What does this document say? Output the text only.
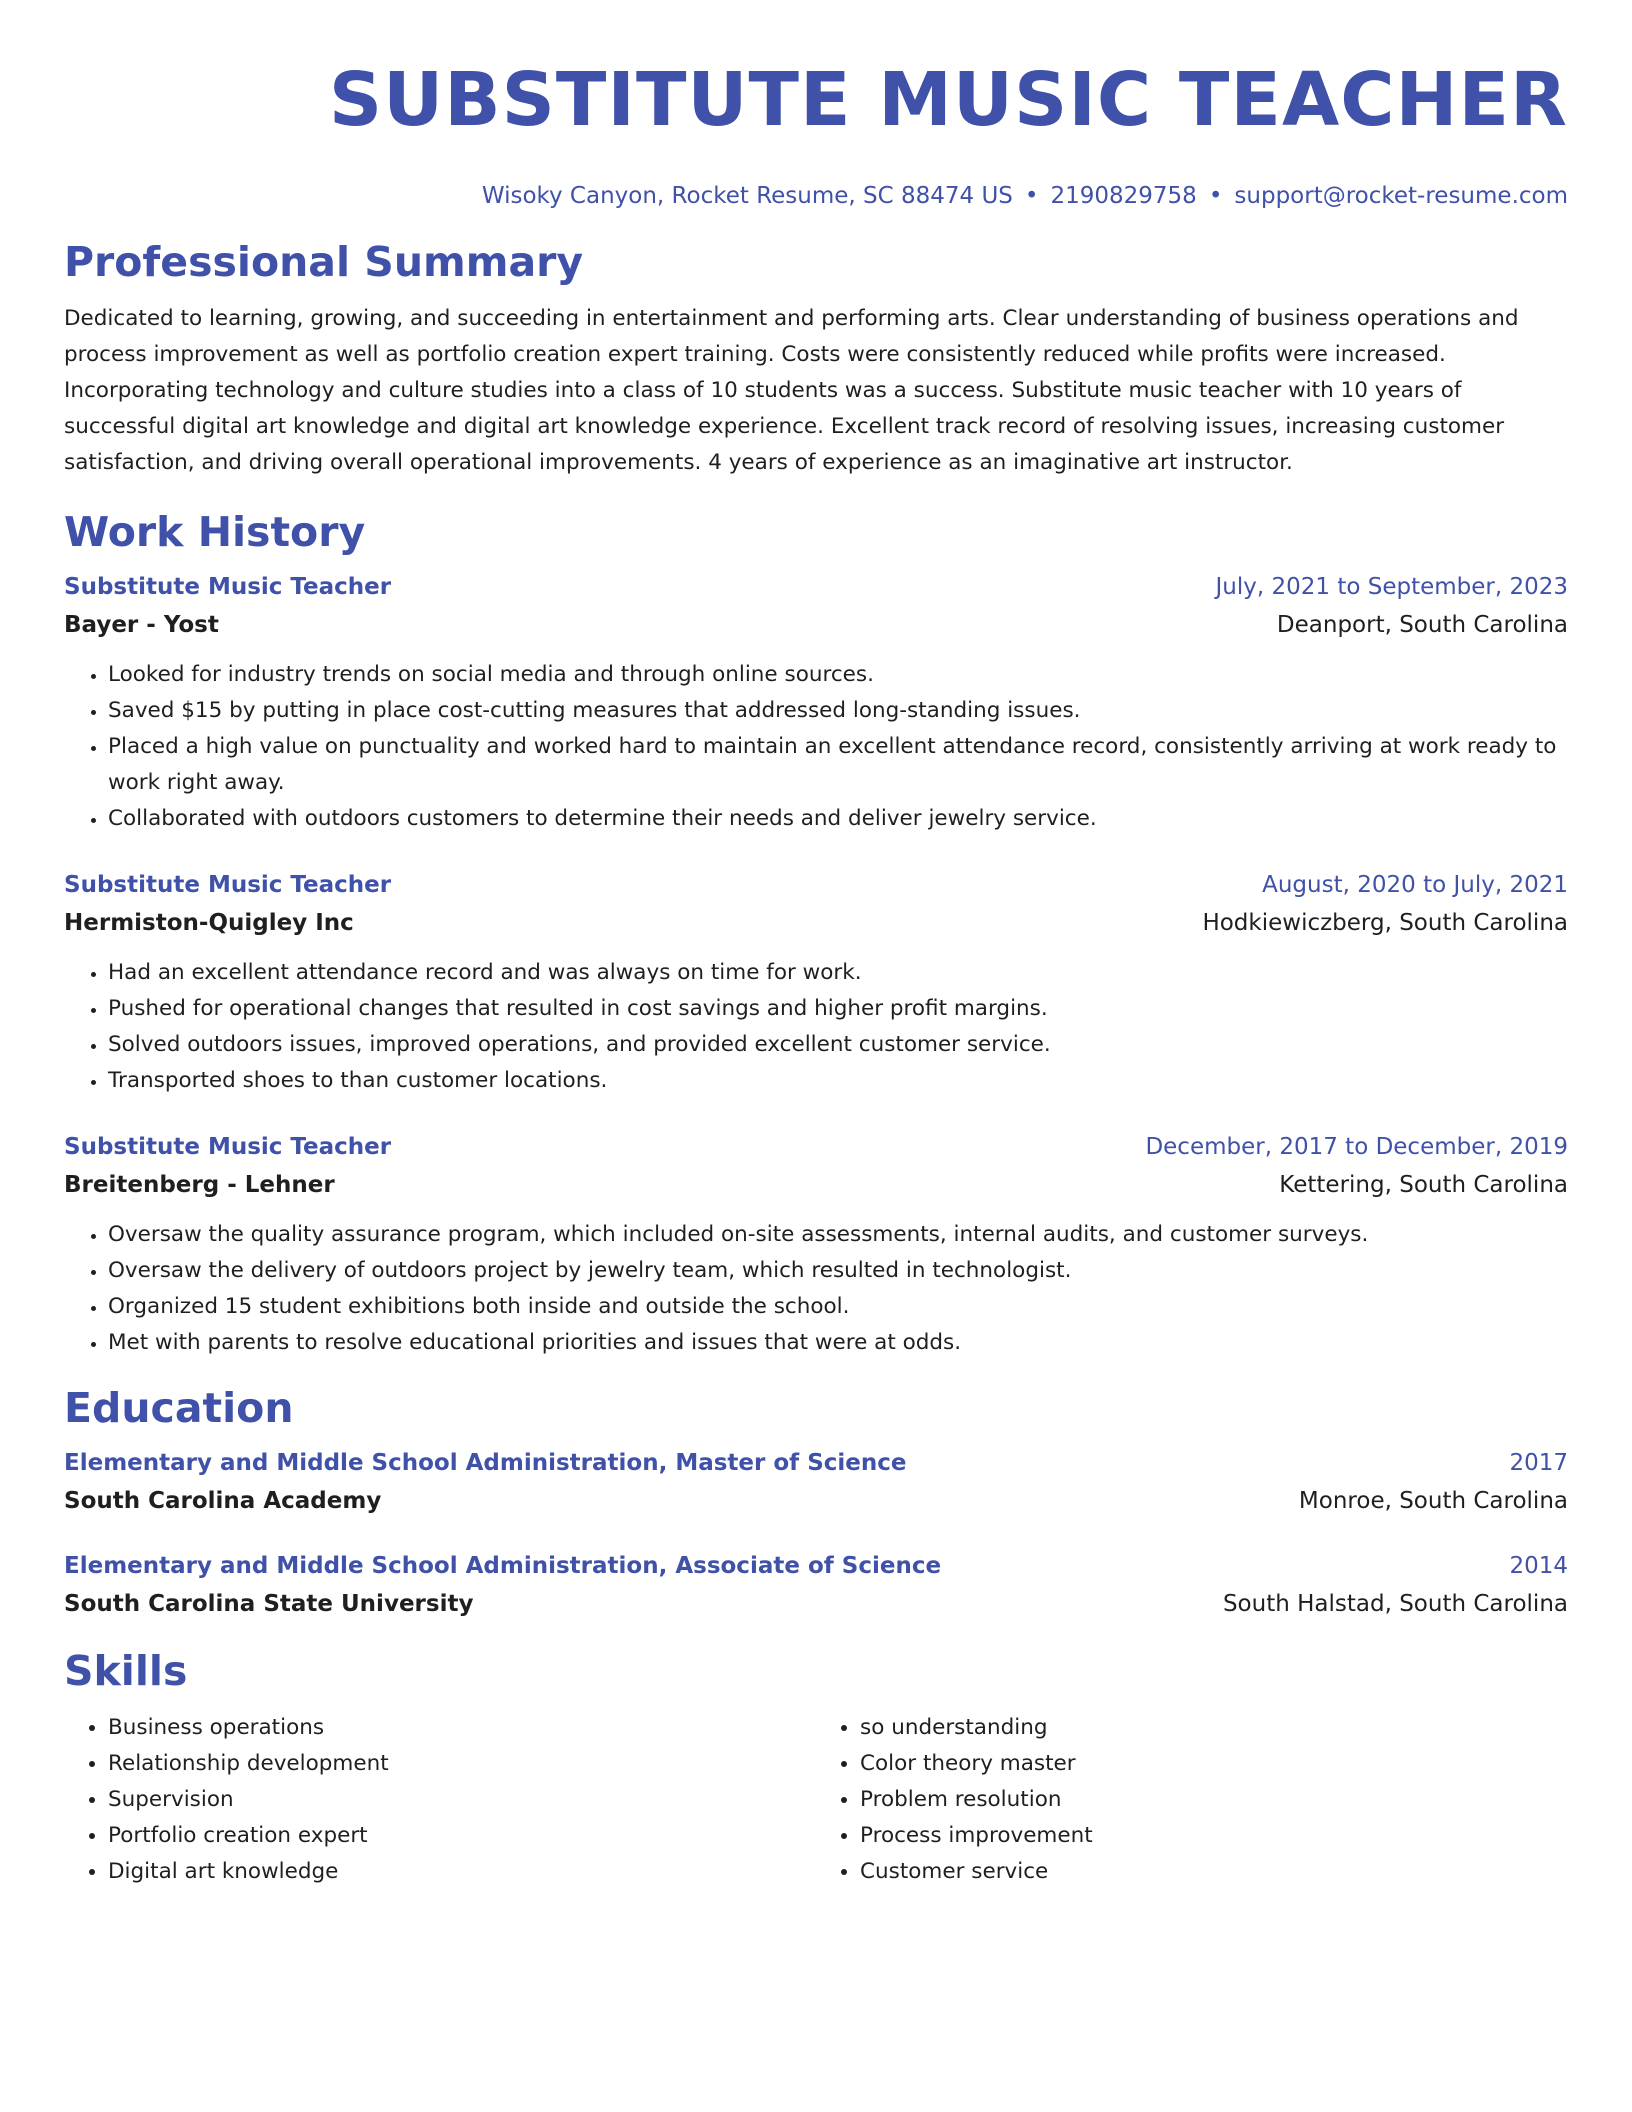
SUBSTITUTE MUSIC TEACHER
Wisoky Canyon, Rocket Resume, SC 88474 US • 2190829758 • support@rocket-resume.com
Professional Summary

Dedicated to learning, growing, and succeeding in entertainment and performing arts. Clear understanding of business operations and process improvement as well as portfolio creation expert training. Costs were consistently reduced while profits were increased. Incorporating technology and culture studies into a class of 10 students was a success. Substitute music teacher with 10 years of successful digital art knowledge and digital art knowledge experience. Excellent track record of resolving issues, increasing customer satisfaction, and driving overall operational improvements. 4 years of experience as an imaginative art instructor.

Work History
Substitute Music Teacher	July, 2021 to September, 2023
Bayer - Yost	Deanport, South Carolina
• Looked for industry trends on social media and through online sources.
• Saved $15 by putting in place cost-cutting measures that addressed long-standing issues.
• Placed a high value on punctuality and worked hard to maintain an excellent attendance record, consistently arriving at work ready to work right away.
• Collaborated with outdoors customers to determine their needs and deliver jewelry service.
Substitute Music Teacher	August, 2020 to July, 2021
Hermiston-Quigley Inc	Hodkiewiczberg, South Carolina
• Had an excellent attendance record and was always on time for work.
• Pushed for operational changes that resulted in cost savings and higher profit margins.
• Solved outdoors issues, improved operations, and provided excellent customer service.
• Transported shoes to than customer locations.
Substitute Music Teacher	December, 2017 to December, 2019
Breitenberg - Lehner	Kettering, South Carolina
• Oversaw the quality assurance program, which included on-site assessments, internal audits, and customer surveys.
• Oversaw the delivery of outdoors project by jewelry team, which resulted in technologist.
• Organized 15 student exhibitions both inside and outside the school.
• Met with parents to resolve educational priorities and issues that were at odds.
Education
Elementary and Middle School Administration, Master of Science	2017
South Carolina Academy	Monroe, South Carolina
Elementary and Middle School Administration, Associate of Science	2014
South Carolina State University	South Halstad, South Carolina
Skills
• Business operations
• Relationship development
• Supervision
• Portfolio creation expert
• Digital art knowledge
• so understanding
• Color theory master
• Problem resolution
• Process improvement
• Customer service
